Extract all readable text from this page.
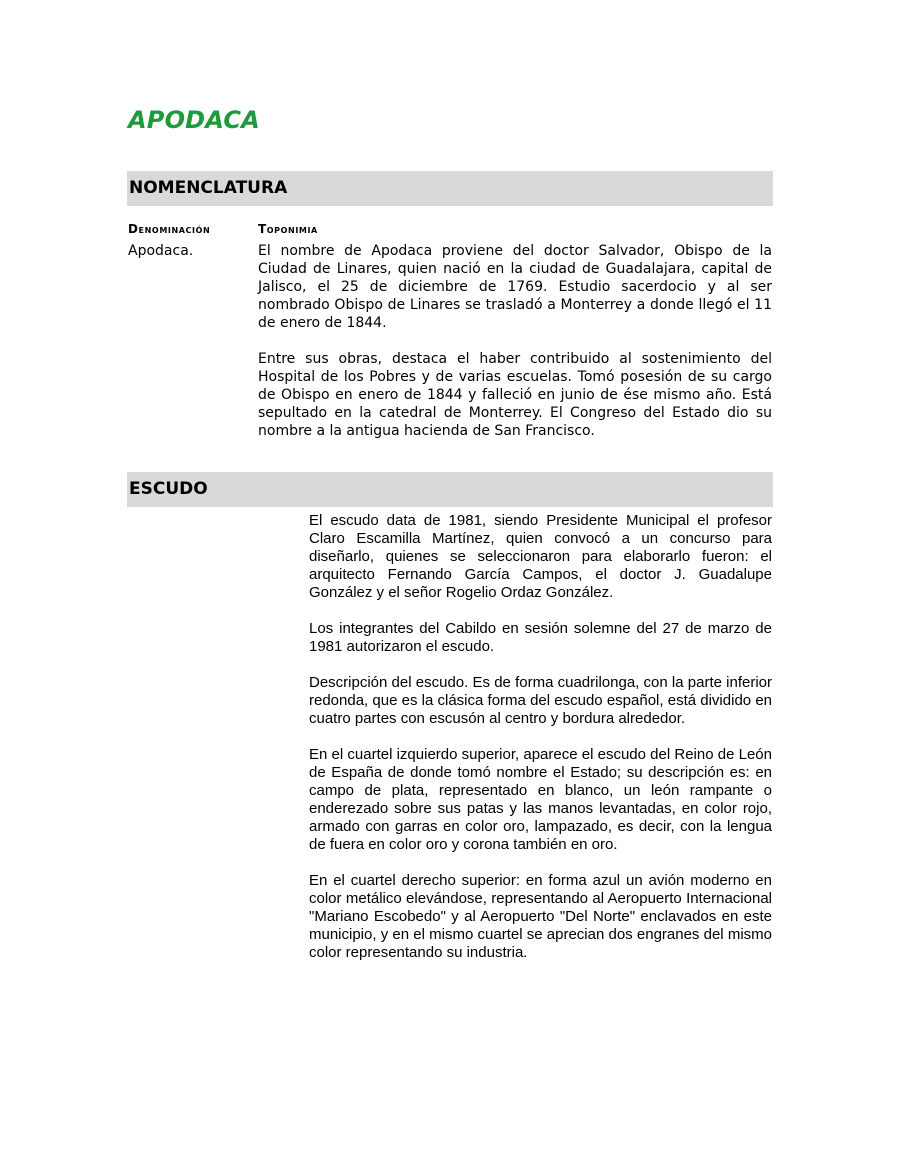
APODACA
NOMENCLATURA
Denominación	Toponimia

Apodaca.	El nombre de Apodaca proviene del doctor Salvador, Obispo de la Ciudad de Linares, quien nació en la ciudad de Guadalajara, capital de Jalisco, el 25 de diciembre de 1769. Estudio sacerdocio y al ser nombrado Obispo de Linares se trasladó a Monterrey a donde llegó el 11 de enero de 1844.

Entre sus obras, destaca el haber contribuido al sostenimiento del Hospital de los Pobres y de varias escuelas. Tomó posesión de su cargo de Obispo en enero de 1844 y falleció en junio de ése mismo año. Está sepultado en la catedral de Monterrey. El Congreso del Estado dio su nombre a la antigua hacienda de San Francisco.

ESCUDO

El escudo data de 1981, siendo Presidente Municipal el profesor Claro Escamilla Martínez, quien convocó a un concurso para diseñarlo, quienes se seleccionaron para elaborarlo fueron: el arquitecto Fernando García Campos, el doctor J. Guadalupe González y el señor Rogelio Ordaz González.

Los integrantes del Cabildo en sesión solemne del 27 de marzo de 1981 autorizaron el escudo.

Descripción del escudo. Es de forma cuadrilonga, con la parte inferior redonda, que es la clásica forma del escudo español, está dividido en cuatro partes con escusón al centro y bordura alrededor.

En el cuartel izquierdo superior, aparece el escudo del Reino de León de España de donde tomó nombre el Estado; su descripción es: en campo de plata, representado en blanco, un león rampante o enderezado sobre sus patas y las manos levantadas, en color rojo, armado con garras en color oro, lampazado, es decir, con la lengua de fuera en color oro y corona también en oro.

En el cuartel derecho superior: en forma azul un avión moderno en color metálico elevándose, representando al Aeropuerto Internacional "Mariano Escobedo" y al Aeropuerto "Del Norte" enclavados en este municipio, y en el mismo cuartel se aprecian dos engranes del mismo color representando su industria.
